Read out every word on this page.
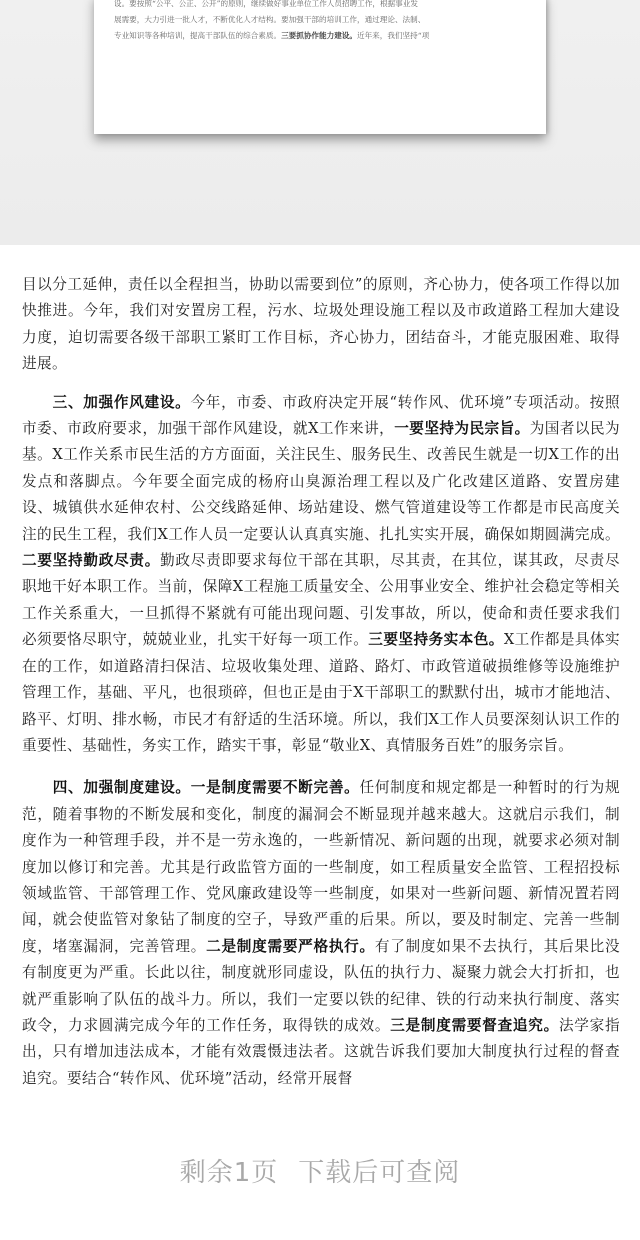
设。要按照“公平、公正、公开”的原则，继续做好事业单位工作人员招聘工作，根据事业发

展需要，大力引进一批人才，不断优化人才结构。要加强干部的培训工作，通过理论、法制、

专业知识等各种培训，提高干部队伍的综合素质。三要抓协作能力建设。近年来，我们坚持“项

目以分工延伸，责任以全程担当，协助以需要到位”的原则，齐心协力，使各项工作得以加快推进。今年，我们对安置房工程，污水、垃圾处理设施工程以及市政道路工程加大建设力度，迫切需要各级干部职工紧盯工作目标，齐心协力，团结奋斗，才能克服困难、取得进展。

　　三、加强作风建设。今年，市委、市政府决定开展“转作风、优环境”专项活动。按照市委、市政府要求，加强干部作风建设，就X工作来讲，一要坚持为民宗旨。为国者以民为基。X工作关系市民生活的方方面面，关注民生、服务民生、改善民生就是一切X工作的出发点和落脚点。今年要全面完成的杨府山臭源治理工程以及广化改建区道路、安置房建设、城镇供水延伸农村、公交线路延伸、场站建设、燃气管道建设等工作都是市民高度关注的民生工程，我们X工作人员一定要认认真真实施、扎扎实实开展，确保如期圆满完成。二要坚持勤政尽责。勤政尽责即要求每位干部在其职，尽其责，在其位，谋其政，尽责尽职地干好本职工作。当前，保障X工程施工质量安全、公用事业安全、维护社会稳定等相关工作关系重大，一旦抓得不紧就有可能出现问题、引发事故，所以，使命和责任要求我们必须要恪尽职守，兢兢业业，扎实干好每一项工作。三要坚持务实本色。X工作都是具体实在的工作，如道路清扫保洁、垃圾收集处理、道路、路灯、市政管道破损维修等设施维护管理工作，基础、平凡，也很琐碎，但也正是由于X干部职工的默默付出，城市才能地洁、路平、灯明、排水畅，市民才有舒适的生活环境。所以，我们X工作人员要深刻认识工作的重要性、基础性，务实工作，踏实干事，彰显“敬业X、真情服务百姓”的服务宗旨。

　　四、加强制度建设。一是制度需要不断完善。任何制度和规定都是一种暂时的行为规范，随着事物的不断发展和变化，制度的漏洞会不断显现并越来越大。这就启示我们，制度作为一种管理手段，并不是一劳永逸的，一些新情况、新问题的出现，就要求必须对制度加以修订和完善。尤其是行政监管方面的一些制度，如工程质量安全监管、工程招投标领域监管、干部管理工作、党风廉政建设等一些制度，如果对一些新问题、新情况置若罔闻，就会使监管对象钻了制度的空子，导致严重的后果。所以，要及时制定、完善一些制度，堵塞漏洞，完善管理。二是制度需要严格执行。有了制度如果不去执行，其后果比没有制度更为严重。长此以往，制度就形同虚设，队伍的执行力、凝聚力就会大打折扣，也就严重影响了队伍的战斗力。所以，我们一定要以铁的纪律、铁的行动来执行制度、落实政令，力求圆满完成今年的工作任务，取得铁的成效。三是制度需要督查追究。法学家指出，只有增加违法成本，才能有效震慑违法者。这就告诉我们要加大制度执行过程的督查追究。要结合“转作风、优环境”活动，经常开展督

剩余1页 下载后可查阅
